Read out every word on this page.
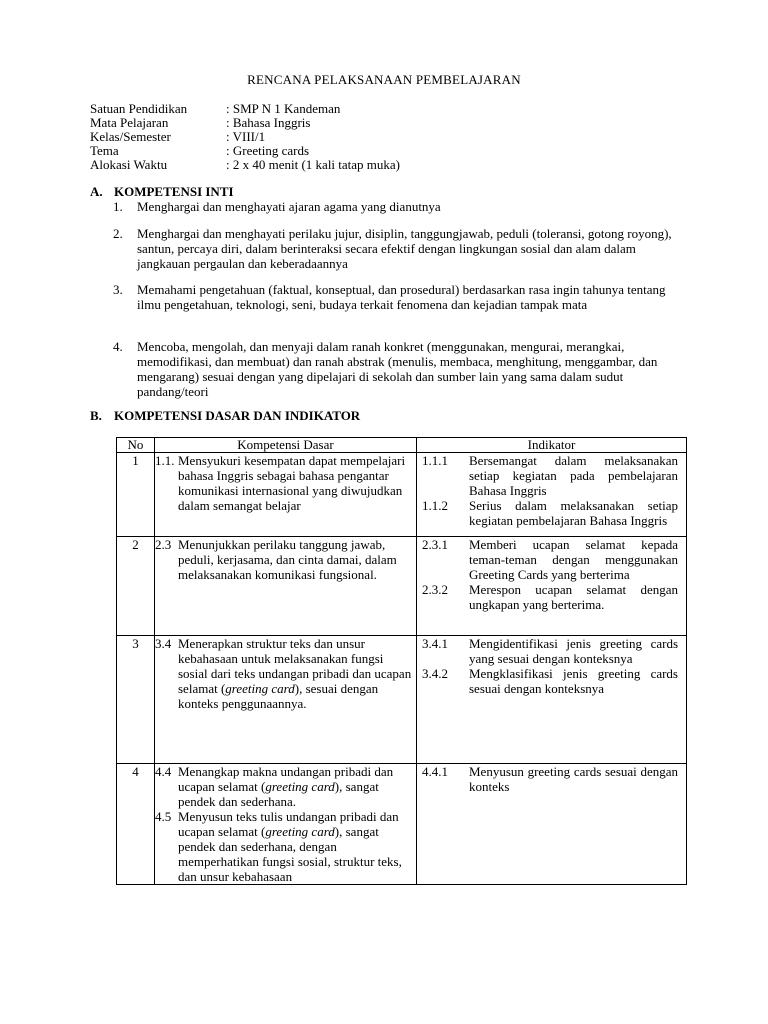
RENCANA PELAKSANAAN PEMBELAJARAN
Satuan Pendidikan	: SMP N 1 Kandeman
Mata Pelajaran	: Bahasa Inggris
Kelas/Semester	: VIII/1
Tema	: Greeting cards
Alokasi Waktu	: 2 x 40 menit (1 kali tatap muka)
A. KOMPETENSI INTI
1. Menghargai dan menghayati ajaran agama yang dianutnya
2. Menghargai dan menghayati perilaku jujur, disiplin, tanggungjawab, peduli (toleransi, gotong royong), santun, percaya diri, dalam berinteraksi secara efektif dengan lingkungan sosial dan alam dalam jangkauan pergaulan dan keberadaannya
3. Memahami pengetahuan (faktual, konseptual, dan prosedural) berdasarkan rasa ingin tahunya tentang ilmu pengetahuan, teknologi, seni, budaya terkait fenomena dan kejadian tampak mata
4. Mencoba, mengolah, dan menyaji dalam ranah konkret (menggunakan, mengurai, merangkai, memodifikasi, dan membuat) dan ranah abstrak (menulis, membaca, menghitung, menggambar, dan mengarang) sesuai dengan yang dipelajari di sekolah dan sumber lain yang sama dalam sudut pandang/teori
B. KOMPETENSI DASAR DAN INDIKATOR
No	Kompetensi Dasar	Indikator
1	1.1. Mensyukuri kesempatan dapat mempelajari bahasa Inggris sebagai bahasa pengantar komunikasi internasional yang diwujudkan dalam semangat belajar

1.1.1 Bersemangat dalam melaksanakan setiap kegiatan pada pembelajaran Bahasa Inggris
1.1.2 Serius dalam melaksanakan setiap kegiatan pembelajaran Bahasa Inggris

2	2.3 Menunjukkan perilaku tanggung jawab, peduli, kerjasama, dan cinta damai, dalam melaksanakan komunikasi fungsional.

2.3.1 Memberi ucapan selamat kepada teman-teman dengan menggunakan Greeting Cards yang berterima
2.3.2 Merespon ucapan selamat dengan ungkapan yang berterima.

3	3.4 Menerapkan struktur teks dan unsur kebahasaan untuk melaksanakan fungsi sosial dari teks undangan pribadi dan ucapan selamat (greeting card), sesuai dengan konteks penggunaannya.

3.4.1 Mengidentifikasi jenis greeting cards yang sesuai dengan konteksnya
3.4.2 Mengklasifikasi jenis greeting cards sesuai dengan konteksnya

4	4.4 Menangkap makna undangan pribadi dan ucapan selamat (greeting card), sangat pendek dan sederhana.
4.5 Menyusun teks tulis undangan pribadi dan ucapan selamat (greeting card), sangat pendek dan sederhana, dengan memperhatikan fungsi sosial, struktur teks, dan unsur kebahasaan

4.4.1 Menyusun greeting cards sesuai dengan konteks
